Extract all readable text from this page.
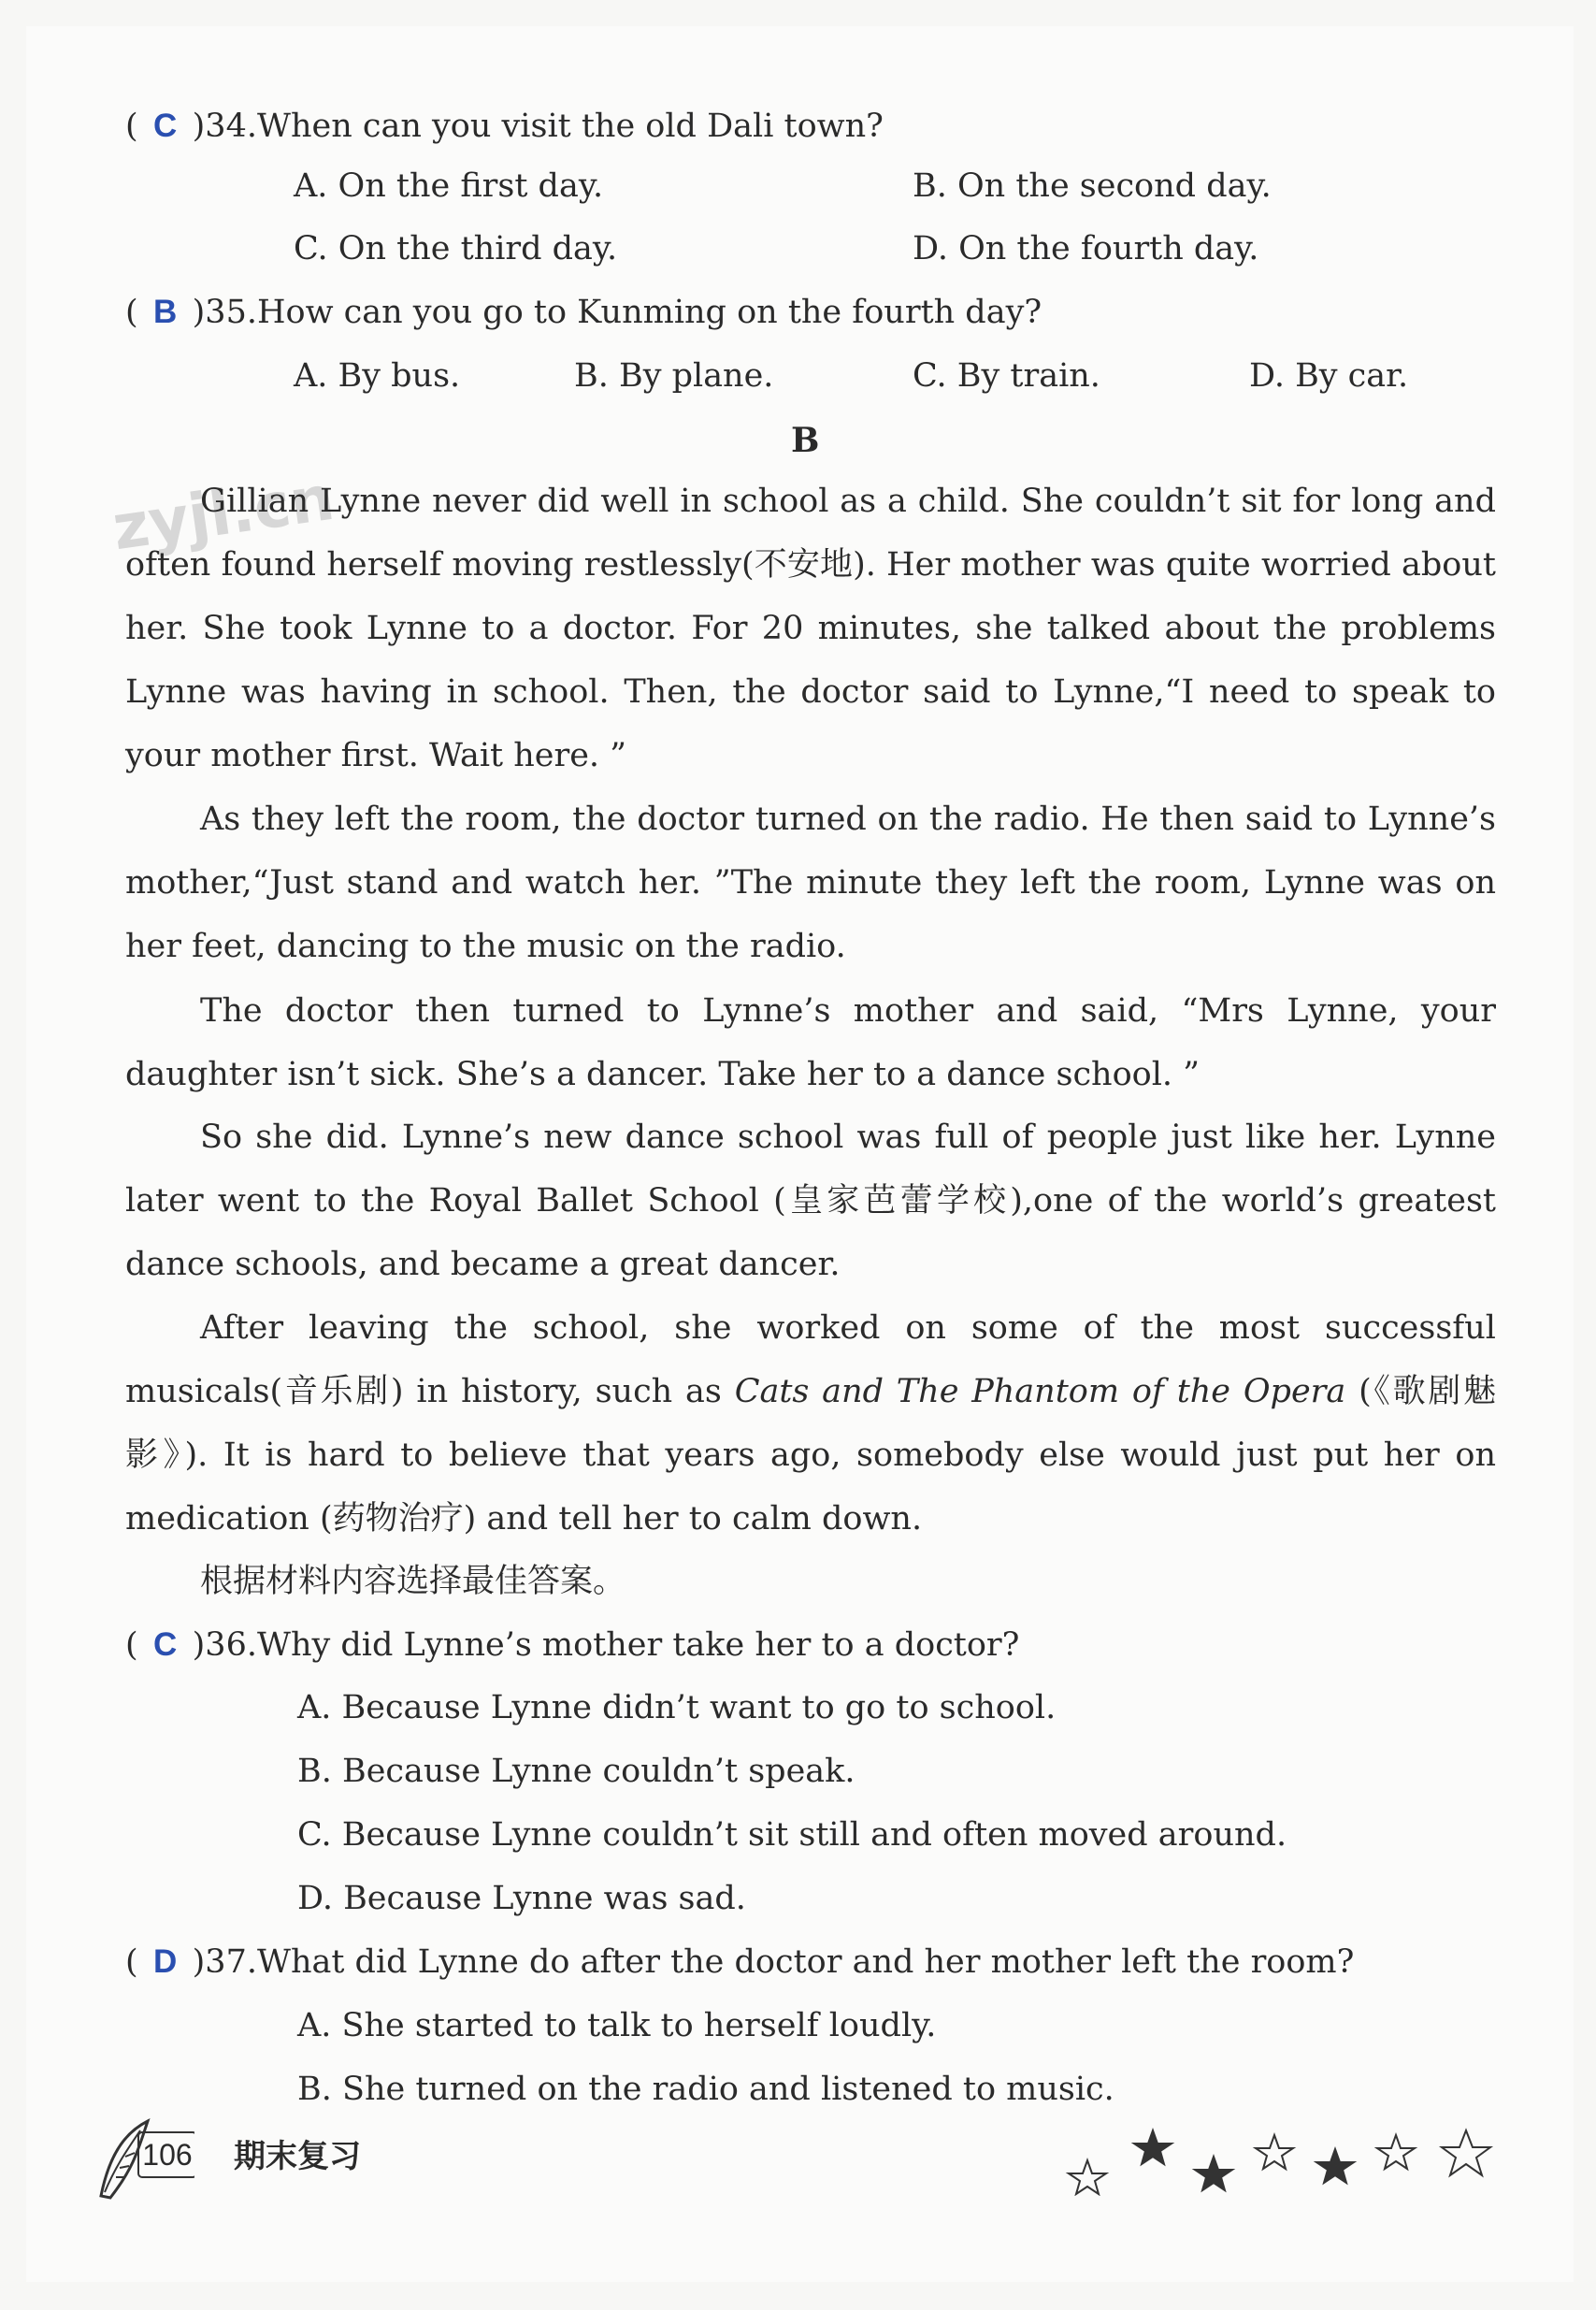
zyjl.cn
( C )34.When can you visit the old Dali town?
A. On the first day.	B. On the second day.
C. On the third day.	D. On the fourth day.
( B )35.How can you go to Kunming on the fourth day?
A. By bus.	B. By plane.	C. By train.	D. By car.
B
Gillian Lynne never did well in school as a child. She couldn’t sit for long and often found herself moving restlessly(不安地). Her mother was quite worried about her. She took Lynne to a doctor. For 20 minutes, she talked about the problems Lynne was having in school. Then, the doctor said to Lynne,“I need to speak to your mother first. Wait here. ”
As they left the room, the doctor turned on the radio. He then said to Lynne’s mother,“Just stand and watch her. ”The minute they left the room, Lynne was on her feet, dancing to the music on the radio.
The doctor then turned to Lynne’s mother and said, “Mrs Lynne, your daughter isn’t sick. She’s a dancer. Take her to a dance school. ”
So she did. Lynne’s new dance school was full of people just like her. Lynne later went to the Royal Ballet School (皇家芭蕾学校),one of the world’s greatest dance schools, and became a great dancer.
After leaving the school, she worked on some of the most successful musicals(音乐剧) in history, such as Cats and The Phantom of the Opera (《歌剧魅影》). It is hard to believe that years ago, somebody else would just put her on medication (药物治疗) and tell her to calm down.
根据材料内容选择最佳答案。
( C )36.Why did Lynne’s mother take her to a doctor?
A. Because Lynne didn’t want to go to school.
B. Because Lynne couldn’t speak.
C. Because Lynne couldn’t sit still and often moved around.
D. Because Lynne was sad.
( D )37.What did Lynne do after the doctor and her mother left the room?
A. She started to talk to herself loudly.
B. She turned on the radio and listened to music.
106 期末复习
